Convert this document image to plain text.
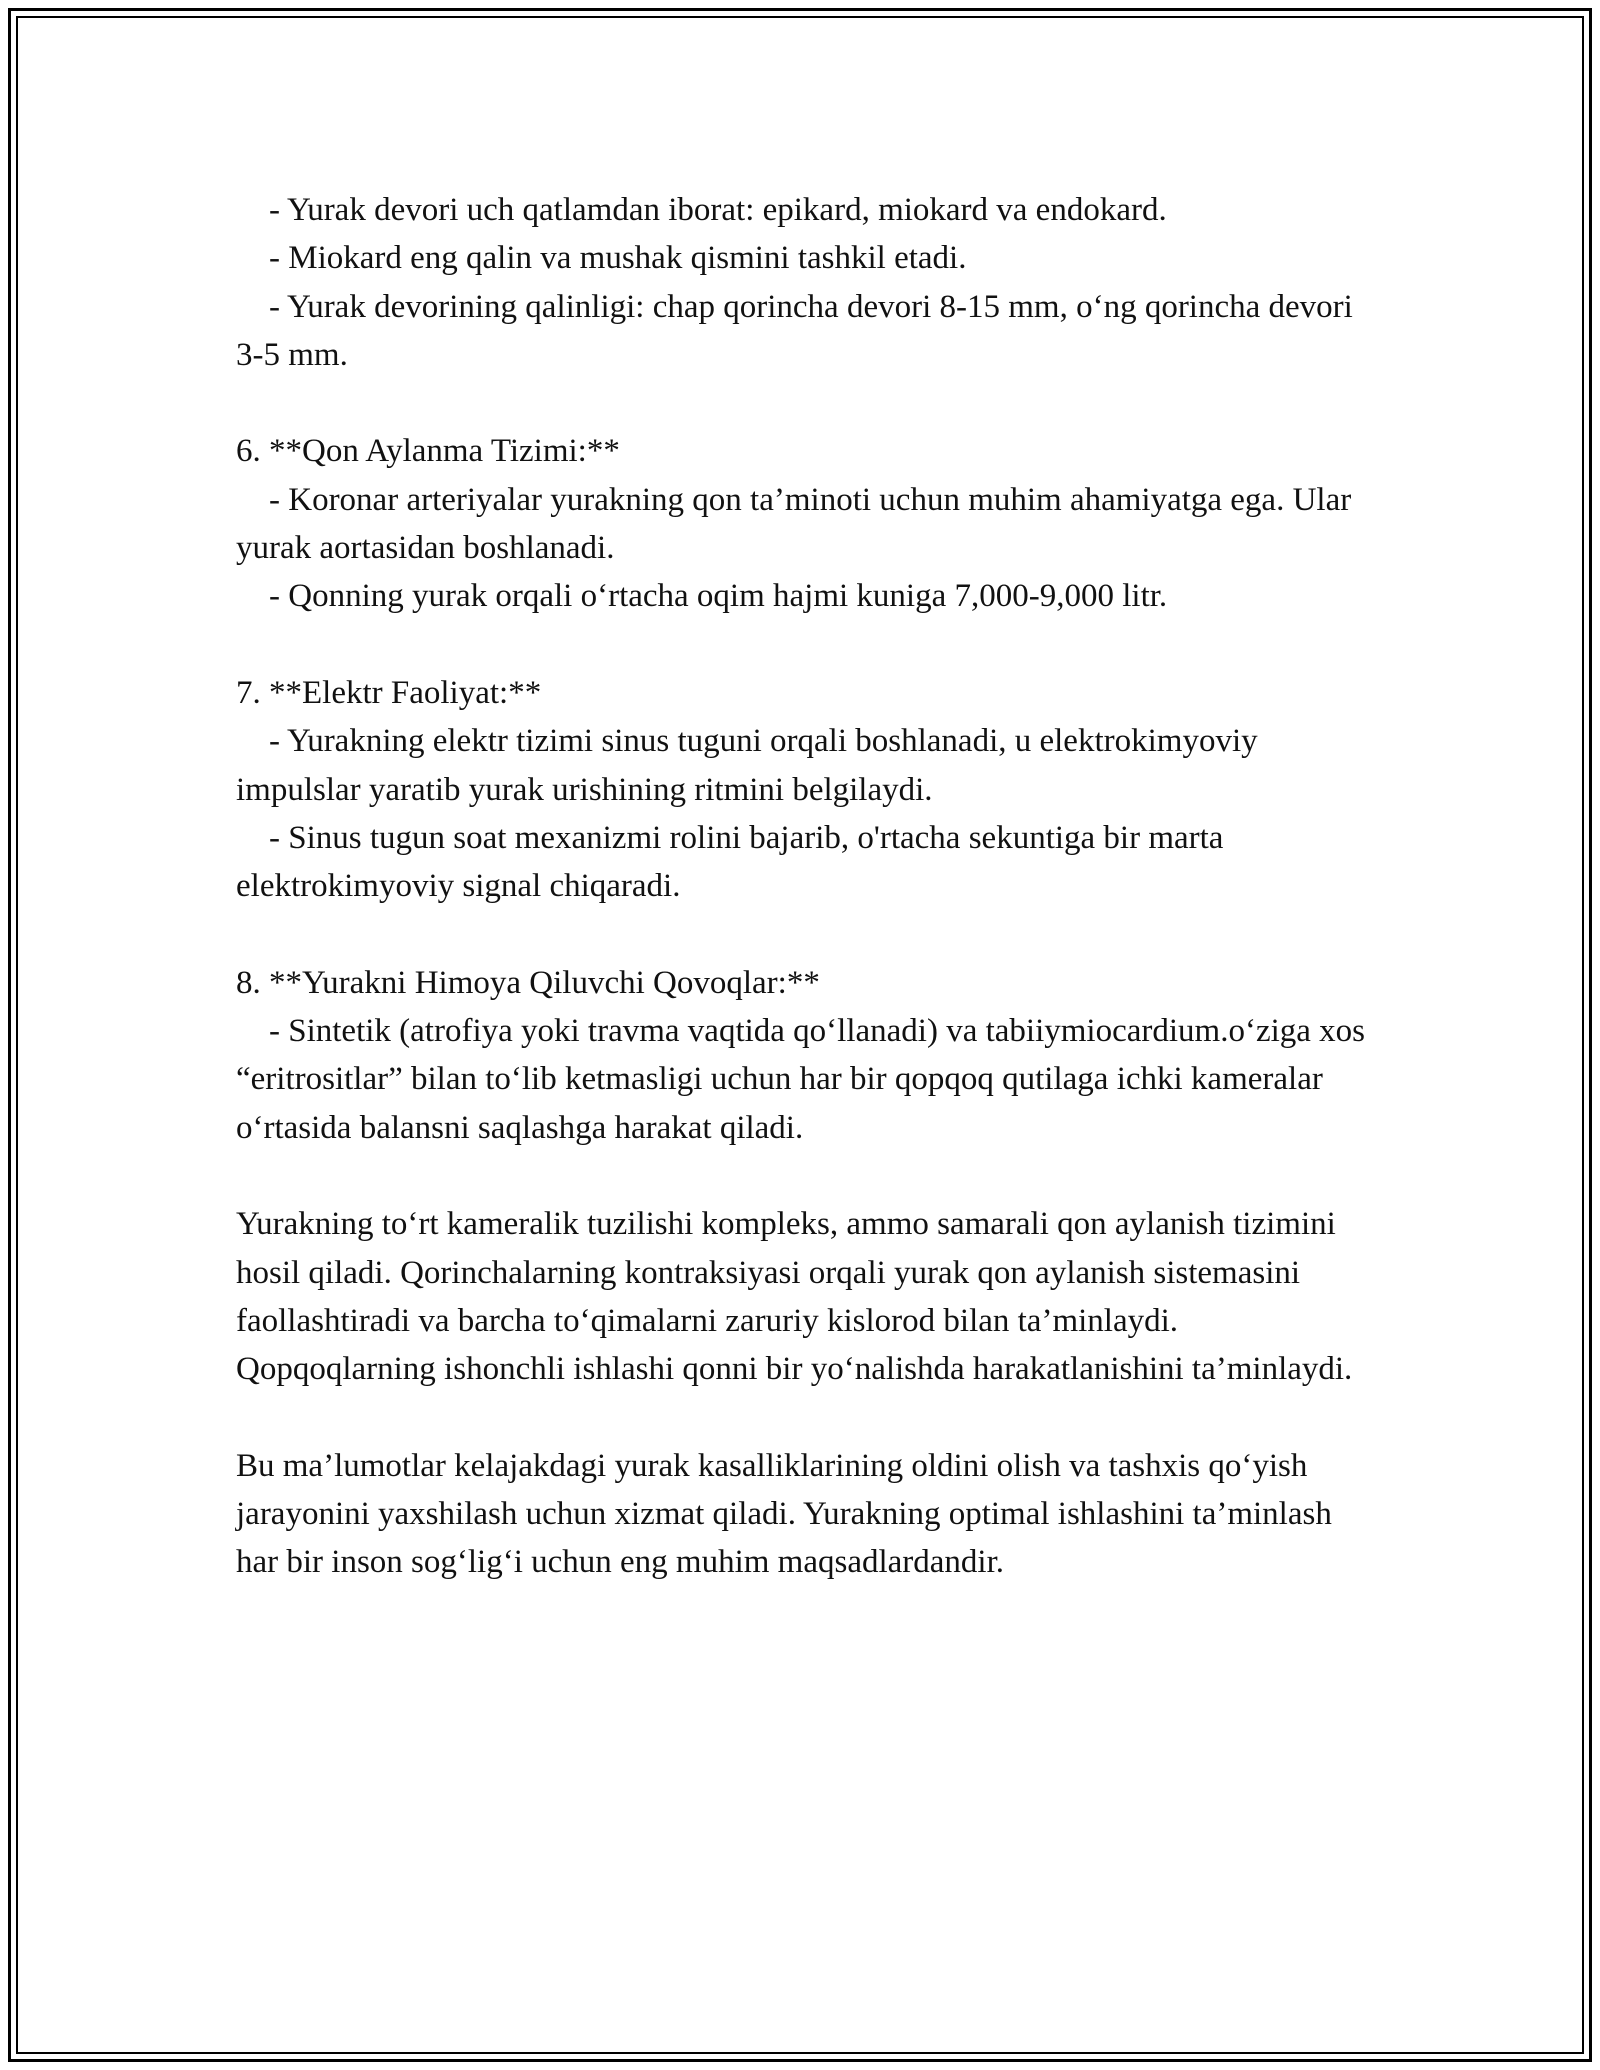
- Yurak devori uch qatlamdan iborat: epikard, miokard va endokard.

- Miokard eng qalin va mushak qismini tashkil etadi.

- Yurak devorining qalinligi: chap qorincha devori 8-15 mm, o‘ng qorincha devori 3-5 mm.

6. **Qon Aylanma Tizimi:**

- Koronar arteriyalar yurakning qon ta’minoti uchun muhim ahamiyatga ega. Ular yurak aortasidan boshlanadi.

- Qonning yurak orqali o‘rtacha oqim hajmi kuniga 7,000-9,000 litr.

7. **Elektr Faoliyat:**

- Yurakning elektr tizimi sinus tuguni orqali boshlanadi, u elektrokimyoviy impulslar yaratib yurak urishining ritmini belgilaydi.

- Sinus tugun soat mexanizmi rolini bajarib, o'rtacha sekuntiga bir marta elektrokimyoviy signal chiqaradi.

8. **Yurakni Himoya Qiluvchi Qovoqlar:**

- Sintetik (atrofiya yoki travma vaqtida qo‘llanadi) va tabiiymiocardium.o‘ziga xos “eritrositlar” bilan to‘lib ketmasligi uchun har bir qopqoq qutilaga ichki kameralar o‘rtasida balansni saqlashga harakat qiladi.

Yurakning to‘rt kameralik tuzilishi kompleks, ammo samarali qon aylanish tizimini hosil qiladi. Qorinchalarning kontraksiyasi orqali yurak qon aylanish sistemasini faollashtiradi va barcha to‘qimalarni zaruriy kislorod bilan ta’minlaydi. Qopqoqlarning ishonchli ishlashi qonni bir yo‘nalishda harakatlanishini ta’minlaydi.

Bu ma’lumotlar kelajakdagi yurak kasalliklarining oldini olish va tashxis qo‘yish jarayonini yaxshilash uchun xizmat qiladi. Yurakning optimal ishlashini ta’minlash har bir inson sog‘lig‘i uchun eng muhim maqsadlardandir.
